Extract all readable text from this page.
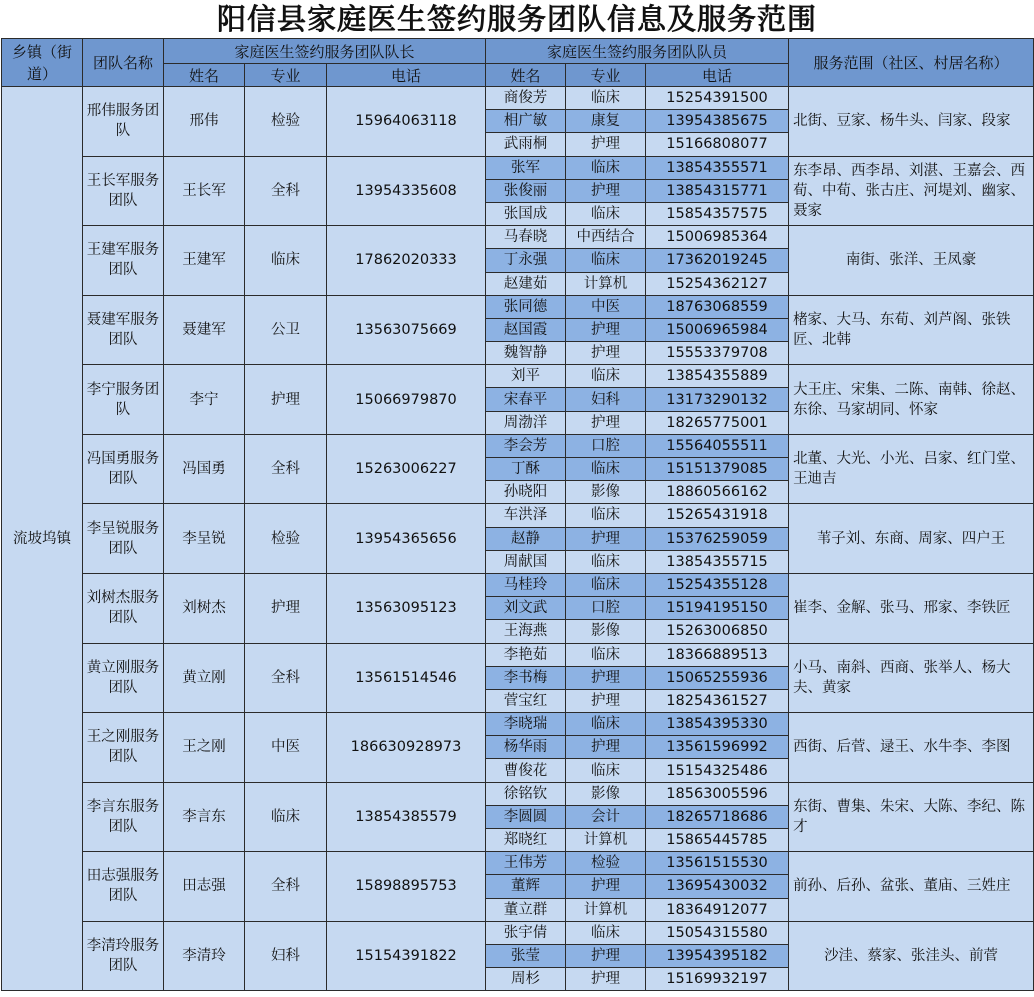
阳信县家庭医生签约服务团队信息及服务范围
乡镇（街道）	团队名称	家庭医生签约服务团队队长			家庭医生签约服务团队队员			服务范围（社区、村居名称）
		姓名	专业	电话	姓名	专业	电话	
流坡坞镇	邢伟服务团队	邢伟	检验	15964063118	商俊芳	临床	15254391500	北街、豆家、杨牛头、闫家、段家
					相广敏	康复	13954385675	
					武雨桐	护理	15166808077	
	王长军服务团队	王长军	全科	13954335608	张军	临床	13854355571	东李昂、西李昂、刘湛、王嘉会、西荀、中荀、张古庄、河堤刘、幽家、聂家
					张俊丽	护理	13854315771	
					张国成	临床	15854357575	
	王建军服务团队	王建军	临床	17862020333	马春晓	中西结合	15006985364	南街、张洋、王凤豪
					丁永强	临床	17362019245	
					赵建茹	计算机	15254362127	
	聂建军服务团队	聂建军	公卫	13563075669	张同德	中医	18763068559	楮家、大马、东荀、刘芦阁、张铁匠、北韩
					赵国霞	护理	15006965984	
					魏智静	护理	15553379708	
	李宁服务团队	李宁	护理	15066979870	刘平	临床	13854355889	大王庄、宋集、二陈、南韩、徐赵、东徐、马家胡同、怀家
					宋春平	妇科	13173290132	
					周渤洋	护理	18265775001	
	冯国勇服务团队	冯国勇	全科	15263006227	李会芳	口腔	15564055511	北董、大光、小光、吕家、红门堂、王迪吉
					丁酥	临床	15151379085	
					孙晓阳	影像	18860566162	
	李呈锐服务团队	李呈锐	检验	13954365656	车洪泽	临床	15265431918	苇子刘、东商、周家、四户王
					赵静	护理	15376259059	
					周献国	临床	13854355715	
	刘树杰服务团队	刘树杰	护理	13563095123	马桂玲	临床	15254355128	崔李、金解、张马、邢家、李铁匠
					刘文武	口腔	15194195150	
					王海燕	影像	15263006850	
	黄立刚服务团队	黄立刚	全科	13561514546	李艳茹	临床	18366889513	小马、南斜、西商、张举人、杨大夫、黄家
					李书梅	护理	15065255936	
					菅宝红	护理	18254361527	
	王之刚服务团队	王之刚	中医	186630928973	李晓瑞	临床	13854395330	西街、后菅、逯王、水牛李、李图
					杨华雨	护理	13561596992	
					曹俊花	临床	15154325486	
	李言东服务团队	李言东	临床	13854385579	徐铭钦	影像	18563005596	东街、曹集、朱宋、大陈、李纪、陈才
					李圆圆	会计	18265718686	
					郑晓红	计算机	15865445785	
	田志强服务团队	田志强	全科	15898895753	王伟芳	检验	13561515530	前孙、后孙、盆张、董庙、三姓庄
					董辉	护理	13695430032	
					董立群	计算机	18364912077	
	李清玲服务团队	李清玲	妇科	15154391822	张宇倩	临床	15054315580	沙洼、蔡家、张洼头、前菅
					张莹	护理	13954395182	
					周杉	护理	15169932197	
